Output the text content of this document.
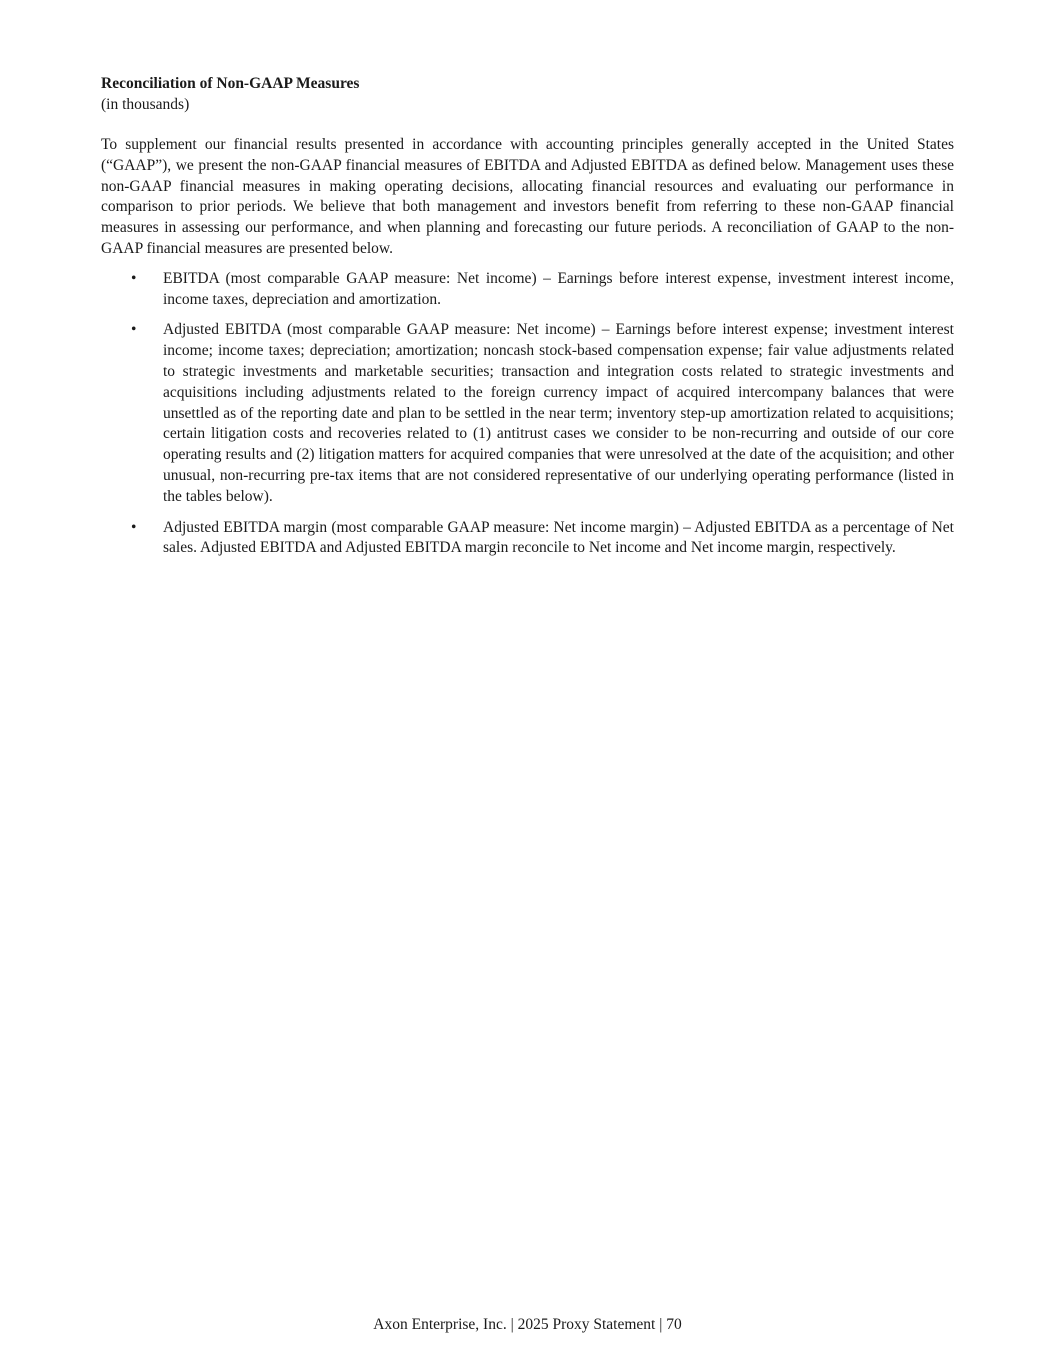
Reconciliation of Non-GAAP Measures

(in thousands)

To supplement our financial results presented in accordance with accounting principles generally accepted in the United States (“GAAP”), we present the non-GAAP financial measures of EBITDA and Adjusted EBITDA as defined below. Management uses these non-GAAP financial measures in making operating decisions, allocating financial resources and evaluating our performance in comparison to prior periods. We believe that both management and investors benefit from referring to these non-GAAP financial measures in assessing our performance, and when planning and forecasting our future periods. A reconciliation of GAAP to the non-GAAP financial measures are presented below.

• EBITDA (most comparable GAAP measure: Net income) – Earnings before interest expense, investment interest income, income taxes, depreciation and amortization.
• Adjusted EBITDA (most comparable GAAP measure: Net income) – Earnings before interest expense; investment interest income; income taxes; depreciation; amortization; noncash stock-based compensation expense; fair value adjustments related to strategic investments and marketable securities; transaction and integration costs related to strategic investments and acquisitions including adjustments related to the foreign currency impact of acquired intercompany balances that were unsettled as of the reporting date and plan to be settled in the near term; inventory step-up amortization related to acquisitions; certain litigation costs and recoveries related to (1) antitrust cases we consider to be non-recurring and outside of our core operating results and (2) litigation matters for acquired companies that were unresolved at the date of the acquisition; and other unusual, non-recurring pre-tax items that are not considered representative of our underlying operating performance (listed in the tables below).
• Adjusted EBITDA margin (most comparable GAAP measure: Net income margin) – Adjusted EBITDA as a percentage of Net sales. Adjusted EBITDA and Adjusted EBITDA margin reconcile to Net income and Net income margin, respectively.
Axon Enterprise, Inc. | 2025 Proxy Statement | 70
